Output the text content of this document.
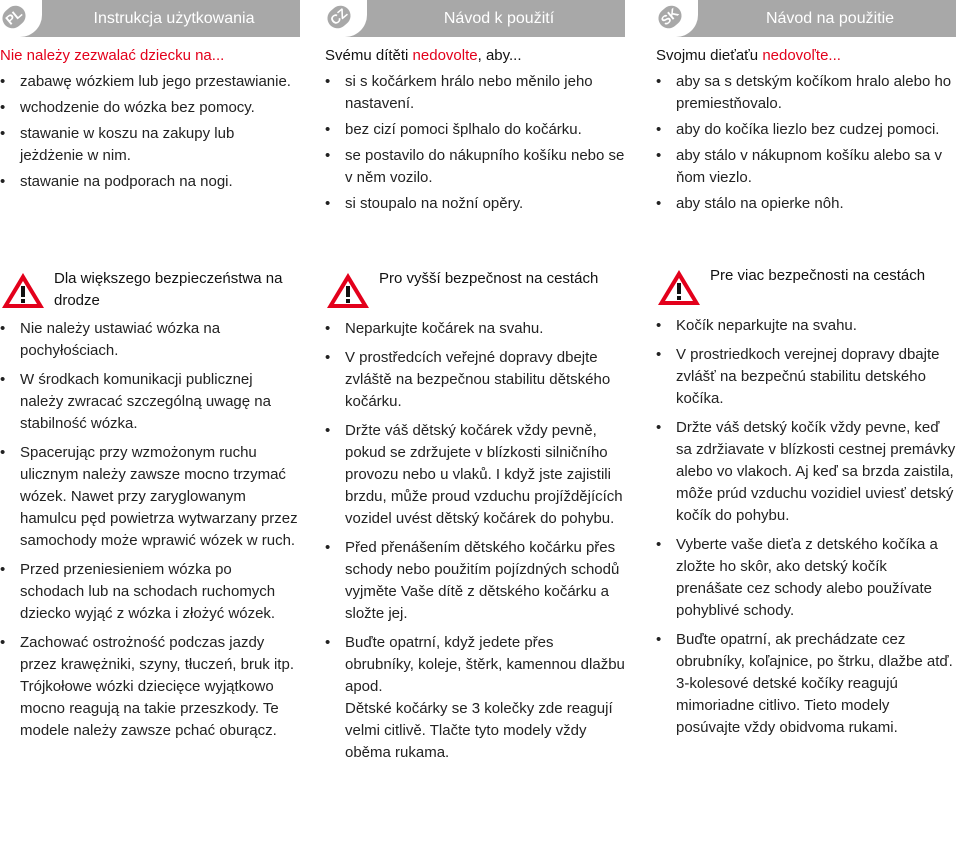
PL	Instrukcja użytkowania
Nie należy zezwalać dziecku na...
• zabawę wózkiem lub jego przestawianie.
• wchodzenie do wózka bez pomocy.
• stawanie w koszu na zakupy lub jeżdżenie w nim.
• stawanie na podporach na nogi.
Dla większego bezpieczeństwa na drodze
• Nie należy ustawiać wózka na pochyłościach.
• W środkach komunikacji publicznej należy zwracać szczególną uwagę na stabilność wózka.
• Spacerując przy wzmożonym ruchu ulicznym należy zawsze mocno trzymać wózek. Nawet przy zaryglowanym hamulcu pęd powietrza wytwarzany przez samochody może wprawić wózek w ruch.
• Przed przeniesieniem wózka po schodach lub na schodach ruchomych dziecko wyjąć z wózka i złożyć wózek.
• Zachować ostrożność podczas jazdy przez krawężniki, szyny, tłuczeń, bruk itp.
Trójkołowe wózki dziecięce wyjątkowo mocno reagują na takie przeszkody. Te modele należy zawsze pchać oburącz.
CZ	Návod k použití
Svému dítěti nedovolte, aby...
• si s kočárkem hrálo nebo měnilo jeho nastavení.
• bez cizí pomoci šplhalo do kočárku.
• se postavilo do nákupního košíku nebo se v něm vozilo.
• si stoupalo na nožní opěry.
Pro vyšší bezpečnost na cestách
• Neparkujte kočárek na svahu.
• V prostředcích veřejné dopravy dbejte zvláště na bezpečnou stabilitu dětského kočárku.
• Držte váš dětský kočárek vždy pevně, pokud se zdržujete v blízkosti silničního provozu nebo u vlaků. I když jste zajistili brzdu, může proud vzduchu projíždějících vozidel uvést dětský kočárek do pohybu.
• Před přenášením dětského kočárku přes schody nebo použitím pojízdných schodů vyjměte Vaše dítě z dětského kočárku a složte jej.
• Buďte opatrní, když jedete přes obrubníky, koleje, štěrk, kamennou dlažbu apod.
Dětské kočárky se 3 kolečky zde reagují velmi citlivě. Tlačte tyto modely vždy oběma rukama.
SK	Návod na použitie
Svojmu dieťaťu nedovoľte...
• aby sa s detským kočíkom hralo alebo ho premiestňovalo.
• aby do kočíka liezlo bez cudzej pomoci.
• aby stálo v nákupnom košíku alebo sa v ňom viezlo.
• aby stálo na opierke nôh.
Pre viac bezpečnosti na cestách
• Kočík neparkujte na svahu.
• V prostriedkoch verejnej dopravy dbajte zvlášť na bezpečnú stabilitu detského kočíka.
• Držte váš detský kočík vždy pevne, keď sa zdržiavate v blízkosti cestnej premávky alebo vo vlakoch. Aj keď sa brzda zaistila, môže prúd vzduchu vozidiel uviesť detský kočík do pohybu.
• Vyberte vaše dieťa z detského kočíka a zložte ho skôr, ako detský kočík prenášate cez schody alebo používate pohyblivé schody.
• Buďte opatrní, ak prechádzate cez obrubníky, koľajnice, po štrku, dlažbe atď.
3-kolesové detské kočíky reagujú mimoriadne citlivo. Tieto modely posúvajte vždy obidvoma rukami.
